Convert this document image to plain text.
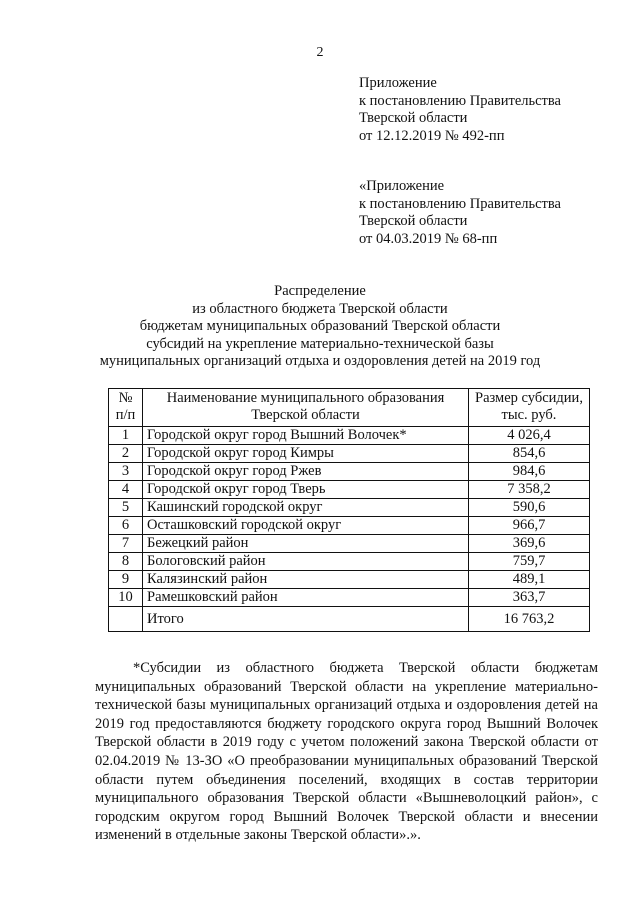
2
Приложение
к постановлению Правительства
Тверской области
от 12.12.2019 № 492-пп
«Приложение
к постановлению Правительства
Тверской области
от 04.03.2019 № 68-пп
Распределение
из областного бюджета Тверской области
бюджетам муниципальных образований Тверской области
субсидий на укрепление материально-технической базы
муниципальных организаций отдыха и оздоровления детей на 2019 год
№ п/п	Наименование муниципального образования Тверской области	Размер субсидии, тыс. руб.
1	Городской округ город Вышний Волочек*	4 026,4
2	Городской округ город Кимры	854,6
3	Городской округ город Ржев	984,6
4	Городской округ город Тверь	7 358,2
5	Кашинский городской округ	590,6
6	Осташковский городской округ	966,7
7	Бежецкий район	369,6
8	Бологовский район	759,7
9	Калязинский район	489,1
10	Рамешковский район	363,7
	Итого	16 763,2

*Субсидии из областного бюджета Тверской области бюджетам муниципальных образований Тверской области на укрепление материально-технической базы муниципальных организаций отдыха и оздоровления детей на 2019 год предоставляются бюджету городского округа город Вышний Волочек Тверской области в 2019 году с учетом положений закона Тверской области от 02.04.2019 № 13-ЗО «О преобразовании муниципальных образований Тверской области путем объединения поселений, входящих в состав территории муниципального образования Тверской области «Вышневолоцкий район», с городским округом город Вышний Волочек Тверской области и внесении изменений в отдельные законы Тверской области».».
